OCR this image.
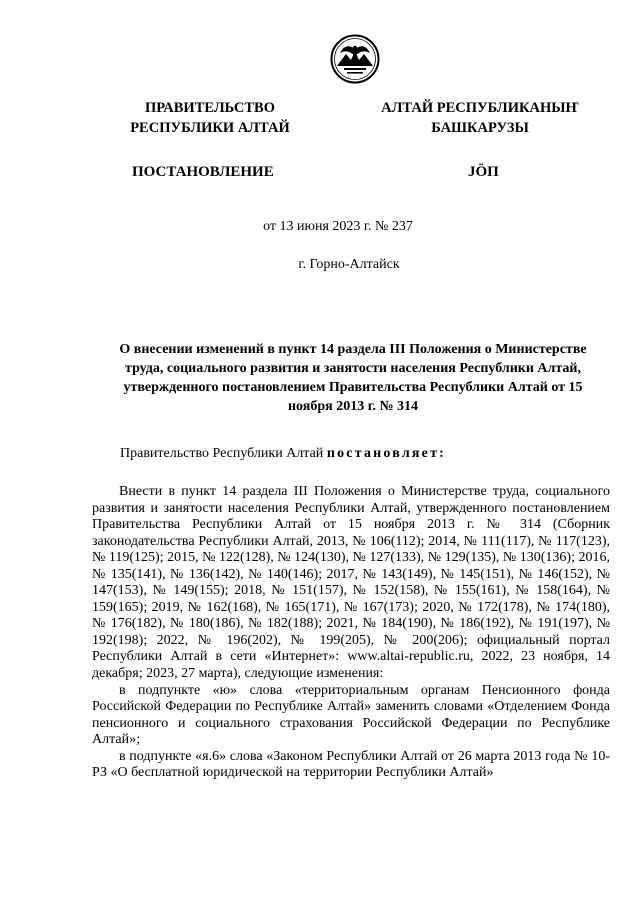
ПРАВИТЕЛЬСТВО
РЕСПУБЛИКИ АЛТАЙ
АЛТАЙ РЕСПУБЛИКАНЫҤ
БАШКАРУЗЫ
ПОСТАНОВЛЕНИЕ	JӦП
от 13 июня 2023 г. № 237
г. Горно-Алтайск
О внесении изменений в пункт 14 раздела III Положения о Министерстве труда, социального развития и занятости населения Республики Алтай, утвержденного постановлением Правительства Республики Алтай от 15 ноября 2013 г. № 314
Правительство Республики Алтай постановляет:

Внести в пункт 14 раздела III Положения о Министерстве труда, социального развития и занятости населения Республики Алтай, утвержденного постановлением Правительства Республики Алтай от 15 ноября 2013 г. № 314 (Сборник законодательства Республики Алтай, 2013, № 106(112); 2014, № 111(117), № 117(123), № 119(125); 2015, № 122(128), № 124(130), № 127(133), № 129(135), № 130(136); 2016, № 135(141), № 136(142), № 140(146); 2017, № 143(149), № 145(151), № 146(152), № 147(153), № 149(155); 2018, № 151(157), № 152(158), № 155(161), № 158(164), № 159(165); 2019, № 162(168), № 165(171), № 167(173); 2020, № 172(178), № 174(180), № 176(182), № 180(186), № 182(188); 2021, № 184(190), № 186(192), № 191(197), № 192(198); 2022, № 196(202), № 199(205), № 200(206); официальный портал Республики Алтай в сети «Интернет»: www.altai-republic.ru, 2022, 23 ноября, 14 декабря; 2023, 27 марта), следующие изменения:

в подпункте «ю» слова «территориальным органам Пенсионного фонда Российской Федерации по Республике Алтай» заменить словами «Отделением Фонда пенсионного и социального страхования Российской Федерации по Республике Алтай»;

в подпункте «я.6» слова «Законом Республики Алтай от 26 марта 2013 года № 10-РЗ «О бесплатной юридической на территории Республики Алтай»
